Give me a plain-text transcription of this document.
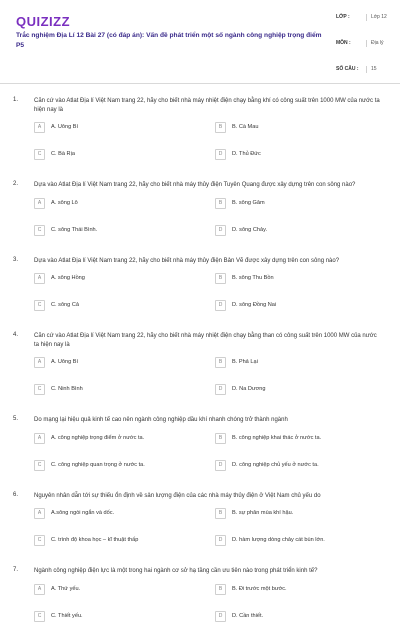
QUIZIZZ
Trắc nghiệm Địa Lí 12 Bài 27 (có đáp án): Vấn đề phát triển một số ngành công nghiệp trọng điểm P5
LỚP :	Lớp 12
MÔN :	Địa lý
SỐ CÂU :	15
1.	Căn cứ vào Atlat Địa lí Việt Nam trang 22, hãy cho biết nhà máy nhiệt điện chạy bằng khí có công suất trên 1000 MW của nước ta hiện nay là
A	A. Uông Bí	B	B. Cà Mau
C	C. Bà Rịa	D	D. Thủ Đức
2.	Dựa vào Atlat Địa lí Việt Nam trang 22, hãy cho biết nhà máy thủy điện Tuyên Quang được xây dựng trên con sông nào?
A	A. sông Lô	B	B. sông Gâm
C	C. sông Thái Bình.	D	D. sông Chảy.
3.	Dựa vào Atlat Địa lí Việt Nam trang 22, hãy cho biết nhà máy thủy điện Bản Vẽ được xây dựng trên con sông nào?
A	A. sông Hồng	B	B. sông Thu Bồn
C	C. sông Cả	D	D. sông Đồng Nai
4.	Căn cứ vào Atlat Địa lí Việt Nam trang 22, hãy cho biết nhà máy nhiệt điện chạy bằng than có công suất trên 1000 MW của nước ta hiện nay là
A	A. Uông Bí	B	B. Phả Lại
C	C. Ninh Bình	D	D. Na Dương
5.	Do mạng lại hiệu quả kinh tế cao nên ngành công nghiệp dầu khí nhanh chóng trở thành ngành
A	A. công nghiệp trọng điểm ở nước ta.	B	B. công nghiệp khai thác ở nước ta.
C	C. công nghiệp quan trọng ở nước ta.	D	D. công nghiệp chủ yếu ở nước ta.
6.	Nguyên nhân dẫn tới sự thiếu ổn định về sản lượng điện của các nhà máy thủy điện ở Việt Nam chủ yếu do
A	A.sông ngòi ngắn và dốc.	B	B. sự phân mùa khí hậu.
C	C. trình độ khoa học – kĩ thuật thấp	D	D. hàm lượng dòng chảy cát bùn lớn.
7.	Ngành công nghiệp điện lực là một trong hai ngành cơ sở hạ tầng cần ưu tiên nào trong phát triển kinh tế?
A	A. Thứ yếu.	B	B. Đi trước một bước.
C	C. Thiết yếu.	D	D. Cần thiết.
